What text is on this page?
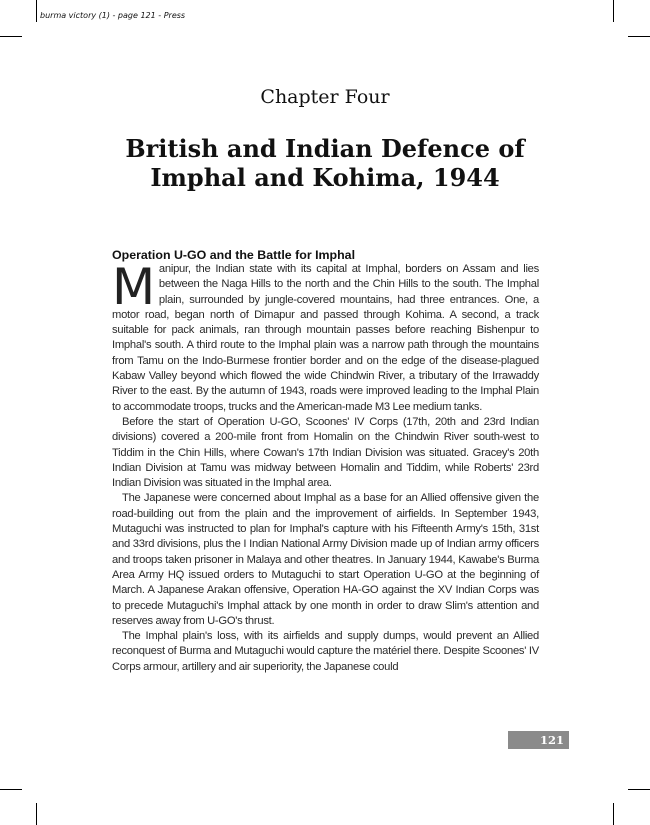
burma victory (1) - page 121 - Press
Chapter Four
British and Indian Defence of Imphal and Kohima, 1944
Operation U-GO and the Battle for Imphal

Manipur, the Indian state with its capital at Imphal, borders on Assam and lies between the Naga Hills to the north and the Chin Hills to the south. The Imphal plain, surrounded by jungle-covered mountains, had three entrances. One, a motor road, began north of Dimapur and passed through Kohima. A second, a track suitable for pack animals, ran through mountain passes before reaching Bishenpur to Imphal's south. A third route to the Imphal plain was a narrow path through the mountains from Tamu on the Indo-Burmese frontier border and on the edge of the disease-plagued Kabaw Valley beyond which flowed the wide Chindwin River, a tributary of the Irrawaddy River to the east. By the autumn of 1943, roads were improved leading to the Imphal Plain to accommodate troops, trucks and the American-made M3 Lee medium tanks.

Before the start of Operation U-GO, Scoones' IV Corps (17th, 20th and 23rd Indian divisions) covered a 200-mile front from Homalin on the Chindwin River south-west to Tiddim in the Chin Hills, where Cowan's 17th Indian Division was situated. Gracey's 20th Indian Division at Tamu was midway between Homalin and Tiddim, while Roberts' 23rd Indian Division was situated in the Imphal area.

The Japanese were concerned about Imphal as a base for an Allied offensive given the road-building out from the plain and the improvement of airfields. In September 1943, Mutaguchi was instructed to plan for Imphal's capture with his Fifteenth Army's 15th, 31st and 33rd divisions, plus the I Indian National Army Division made up of Indian army officers and troops taken prisoner in Malaya and other theatres. In January 1944, Kawabe's Burma Area Army HQ issued orders to Mutaguchi to start Operation U-GO at the beginning of March. A Japanese Arakan offensive, Operation HA-GO against the XV Indian Corps was to precede Mutaguchi's Imphal attack by one month in order to draw Slim's attention and reserves away from U-GO's thrust.

The Imphal plain's loss, with its airfields and supply dumps, would prevent an Allied reconquest of Burma and Mutaguchi would capture the matériel there. Despite Scoones' IV Corps armour, artillery and air superiority, the Japanese could

121
